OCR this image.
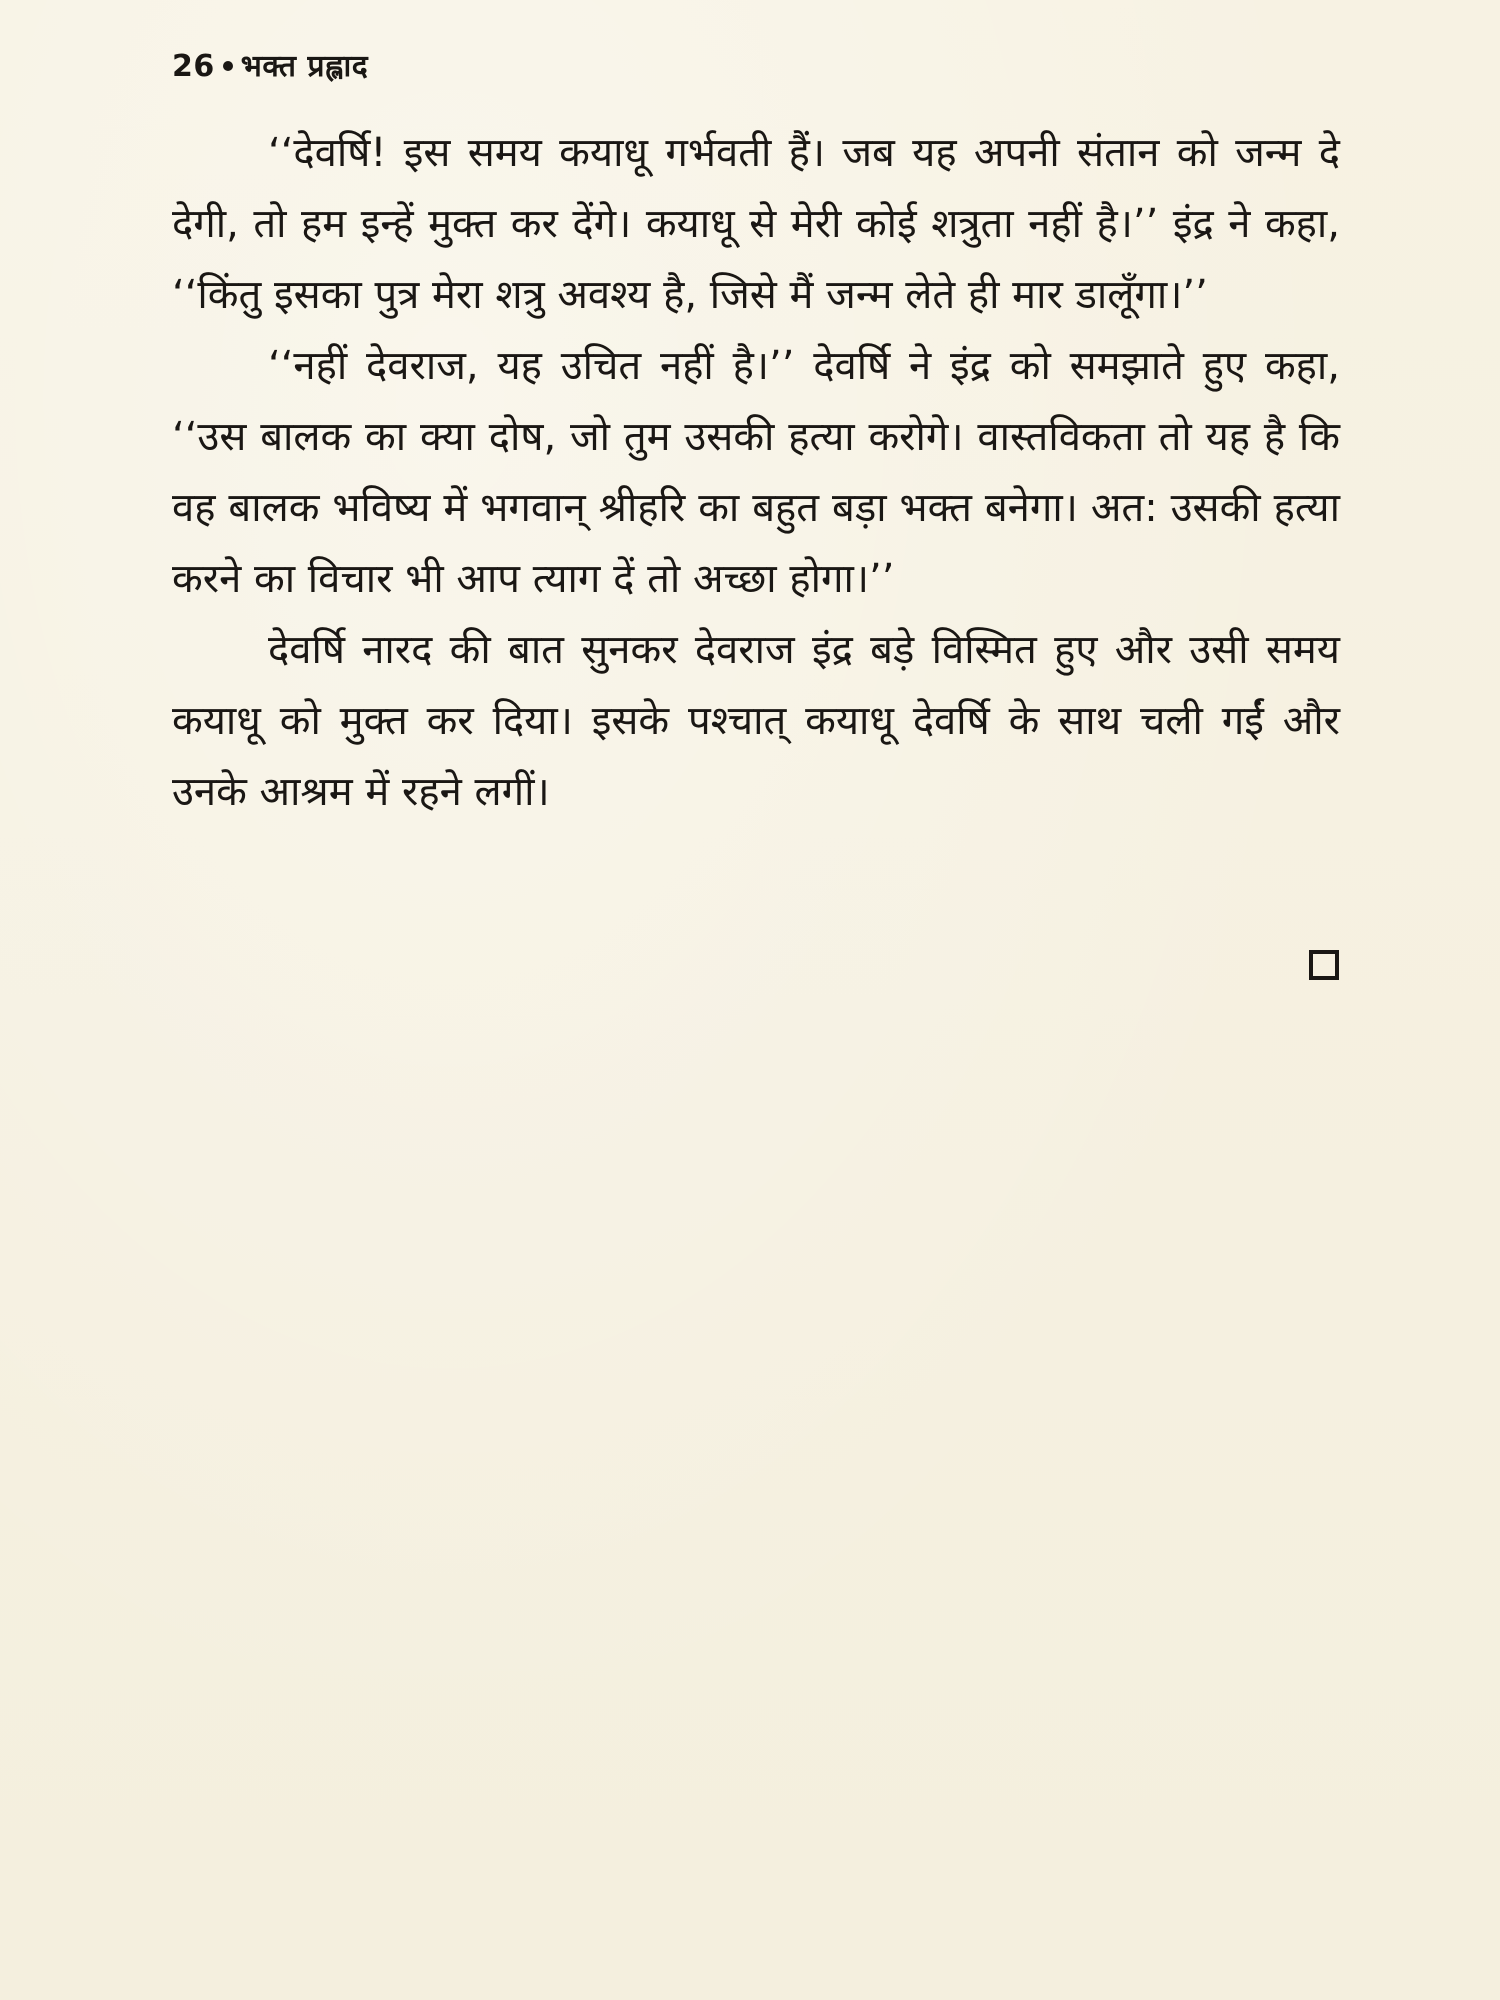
26 भक्त प्रह्लाद

‘‘देवर्षि! इस समय कयाधू गर्भवती हैं। जब यह अपनी संतान को जन्म दे देगी, तो हम इन्हें मुक्त कर देंगे। कयाधू से मेरी कोई शत्रुता नहीं है।’’ इंद्र ने कहा, ‘‘किंतु इसका पुत्र मेरा शत्रु अवश्य है, जिसे मैं जन्म लेते ही मार डालूँगा।’’

‘‘नहीं देवराज, यह उचित नहीं है।’’ देवर्षि ने इंद्र को समझाते हुए कहा, ‘‘उस बालक का क्या दोष, जो तुम उसकी हत्या करोगे। वास्तविकता तो यह है कि वह बालक भविष्य में भगवान् श्रीहरि का बहुत बड़ा भक्त बनेगा। अत: उसकी हत्या करने का विचार भी आप त्याग दें तो अच्छा होगा।’’

देवर्षि नारद की बात सुनकर देवराज इंद्र बड़े विस्मित हुए और उसी समय कयाधू को मुक्त कर दिया। इसके पश्चात् कयाधू देवर्षि के साथ चली गईं और उनके आश्रम में रहने लगीं।
